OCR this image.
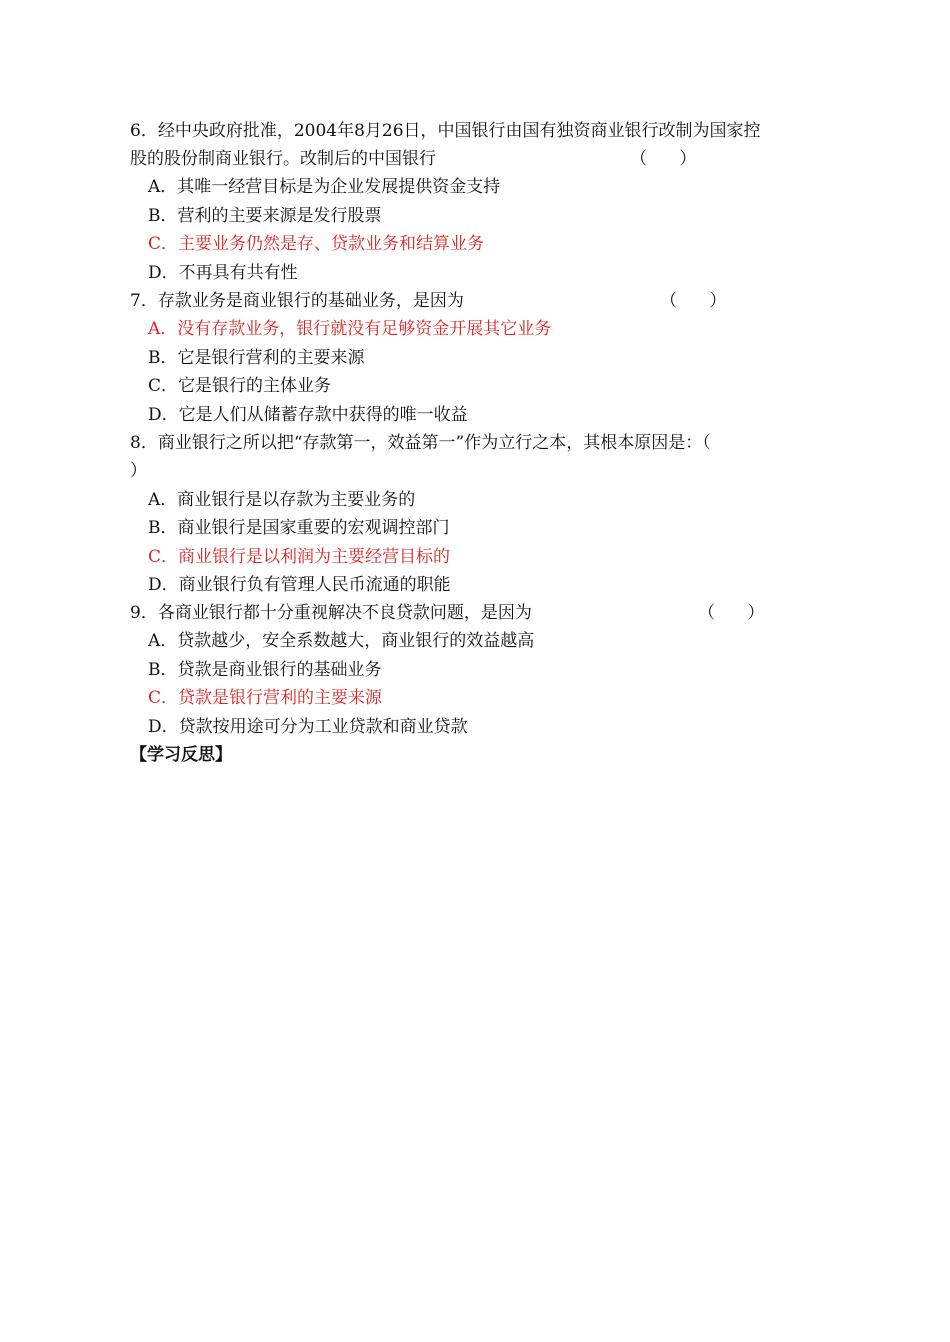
6．经中央政府批准，2004年8月26日，中国银行由国有独资商业银行改制为国家控
股的股份制商业银行。改制后的中国银行	（      ）
A．其唯一经营目标是为企业发展提供资金支持
B．营利的主要来源是发行股票
C．主要业务仍然是存、贷款业务和结算业务
D．不再具有共有性
7．存款业务是商业银行的基础业务，是因为	（      ）
A．没有存款业务，银行就没有足够资金开展其它业务
B．它是银行营利的主要来源
C．它是银行的主体业务
D．它是人们从储蓄存款中获得的唯一收益
8．商业银行之所以把“存款第一，效益第一”作为立行之本，其根本原因是：（
）
A．商业银行是以存款为主要业务的
B．商业银行是国家重要的宏观调控部门
C．商业银行是以利润为主要经营目标的
D．商业银行负有管理人民币流通的职能
9．各商业银行都十分重视解决不良贷款问题，是因为	（      ）
A．贷款越少，安全系数越大，商业银行的效益越高
B．贷款是商业银行的基础业务
C．贷款是银行营利的主要来源
D．贷款按用途可分为工业贷款和商业贷款
【学习反思】
